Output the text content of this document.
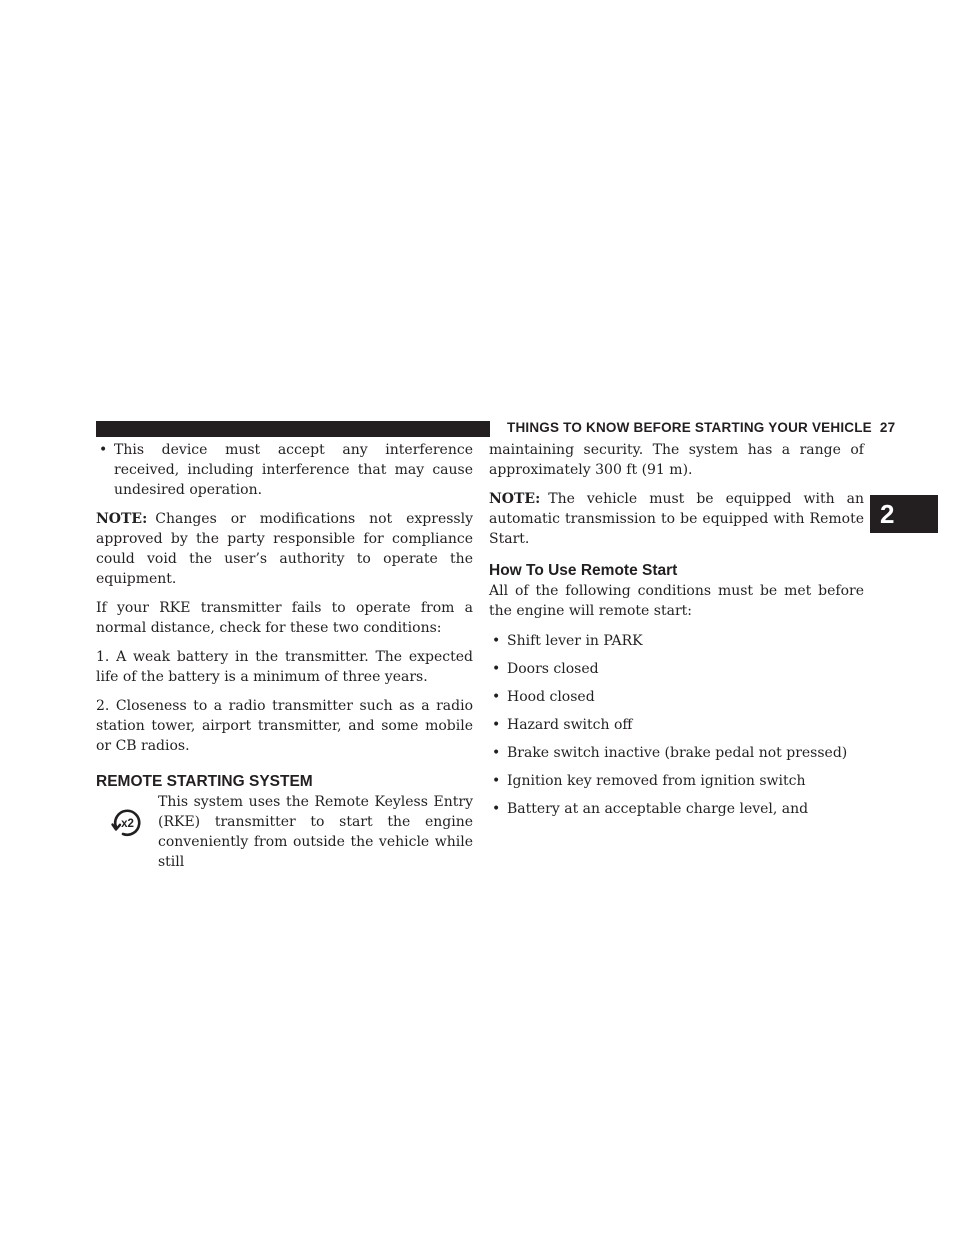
THINGS TO KNOW BEFORE STARTING YOUR VEHICLE 27
2
• This device must accept any interference received, including interference that may cause undesired operation.

NOTE: Changes or modifications not expressly approved by the party responsible for compliance could void the user’s authority to operate the equipment.

If your RKE transmitter fails to operate from a normal distance, check for these two conditions:

1. A weak battery in the transmitter. The expected life of the battery is a minimum of three years.

2. Closeness to a radio transmitter such as a radio station tower, airport transmitter, and some mobile or CB radios.

REMOTE STARTING SYSTEM
x2
This system uses the Remote Keyless Entry (RKE) transmitter to start the engine conveniently from outside the vehicle while still

maintaining security. The system has a range of approximately 300 ft (91 m).

NOTE: The vehicle must be equipped with an automatic transmission to be equipped with Remote Start.

How To Use Remote Start

All of the following conditions must be met before the engine will remote start:

• Shift lever in PARK
• Doors closed
• Hood closed
• Hazard switch off
• Brake switch inactive (brake pedal not pressed)
• Ignition key removed from ignition switch
• Battery at an acceptable charge level, and
